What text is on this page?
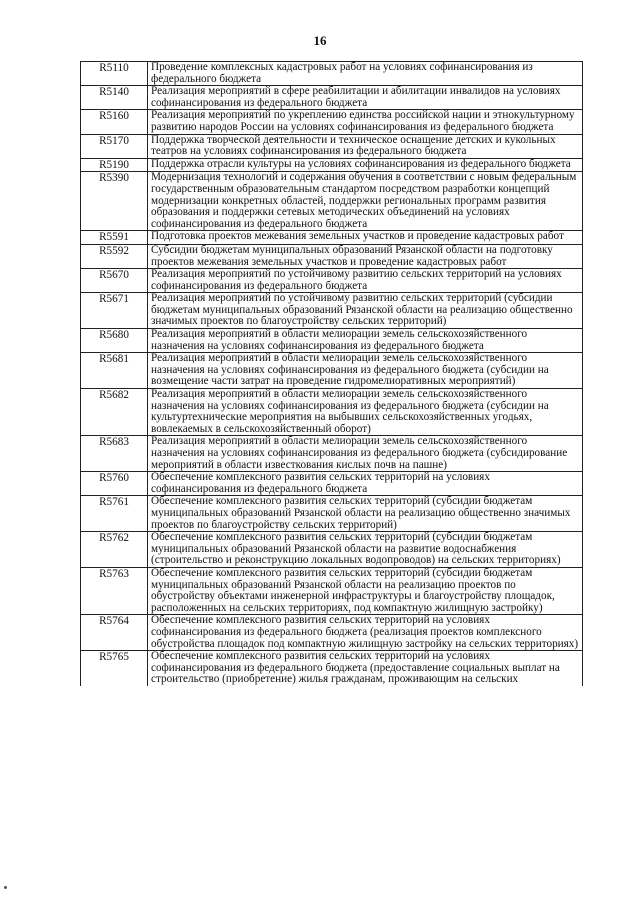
16
R5110	Проведение комплексных кадастровых работ на условиях софинансирования из федерального бюджета
R5140	Реализация мероприятий в сфере реабилитации и абилитации инвалидов на условиях софинансирования из федерального бюджета
R5160	Реализация мероприятий по укреплению единства российской нации и этнокультурному развитию народов России на условиях софинансирования из федерального бюджета
R5170	Поддержка творческой деятельности и техническое оснащение детских и кукольных театров на условиях софинансирования из федерального бюджета
R5190	Поддержка отрасли культуры на условиях софинансирования из федерального бюджета
R5390	Модернизация технологий и содержания обучения в соответствии с новым федеральным государственным образовательным стандартом посредством разработки концепций модернизации конкретных областей, поддержки региональных программ развития образования и поддержки сетевых методических объединений на условиях софинансирования из федерального бюджета
R5591	Подготовка проектов межевания земельных участков и проведение кадастровых работ
R5592	Субсидии бюджетам муниципальных образований Рязанской области на подготовку проектов межевания земельных участков и проведение кадастровых работ
R5670	Реализация мероприятий по устойчивому развитию сельских территорий на условиях софинансирования из федерального бюджета
R5671	Реализация мероприятий по устойчивому развитию сельских территорий (субсидии бюджетам муниципальных образований Рязанской области на реализацию общественно значимых проектов по благоустройству сельских территорий)
R5680	Реализация мероприятий в области мелиорации земель сельскохозяйственного назначения на условиях софинансирования из федерального бюджета
R5681	Реализация мероприятий в области мелиорации земель сельскохозяйственного назначения на условиях софинансирования из федерального бюджета (субсидии на возмещение части затрат на проведение гидромелиоративных мероприятий)
R5682	Реализация мероприятий в области мелиорации земель сельскохозяйственного назначения на условиях софинансирования из федерального бюджета (субсидии на культуртехнические мероприятия на выбывших сельскохозяйственных угодьях, вовлекаемых в сельскохозяйственный оборот)
R5683	Реализация мероприятий в области мелиорации земель сельскохозяйственного назначения на условиях софинансирования из федерального бюджета (субсидирование мероприятий в области известкования кислых почв на пашне)
R5760	Обеспечение комплексного развития сельских территорий на условиях софинансирования из федерального бюджета
R5761	Обеспечение комплексного развития сельских территорий (субсидии бюджетам муниципальных образований Рязанской области на реализацию общественно значимых проектов по благоустройству сельских территорий)
R5762	Обеспечение комплексного развития сельских территорий (субсидии бюджетам муниципальных образований Рязанской области на развитие водоснабжения (строительство и реконструкцию локальных водопроводов) на сельских территориях)
R5763	Обеспечение комплексного развития сельских территорий (субсидии бюджетам муниципальных образований Рязанской области на реализацию проектов по обустройству объектами инженерной инфраструктуры и благоустройству площадок, расположенных на сельских территориях, под компактную жилищную застройку)
R5764	Обеспечение комплексного развития сельских территорий на условиях софинансирования из федерального бюджета (реализация проектов комплексного обустройства площадок под компактную жилищную застройку на сельских территориях)
R5765	Обеспечение комплексного развития сельских территорий на условиях софинансирования из федерального бюджета (предоставление социальных выплат на строительство (приобретение) жилья гражданам, проживающим на сельских
